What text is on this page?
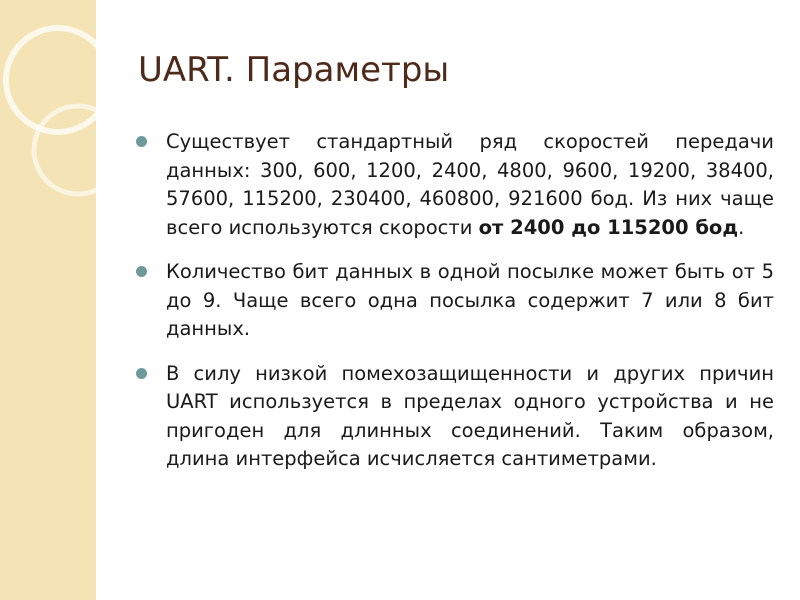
UART. Параметры
Существует стандартный ряд скоростей передачи данных: 300, 600, 1200, 2400, 4800, 9600, 19200, 38400, 57600, 115200, 230400, 460800, 921600 бод. Из них чаще всего используются скорости от 2400 до 115200 бод.
Количество бит данных в одной посылке может быть от 5 до 9. Чаще всего одна посылка содержит 7 или 8 бит данных.
В силу низкой помехозащищенности и других причин UART используется в пределах одного устройства и не пригоден для длинных соединений. Таким образом, длина интерфейса исчисляется сантиметрами.
